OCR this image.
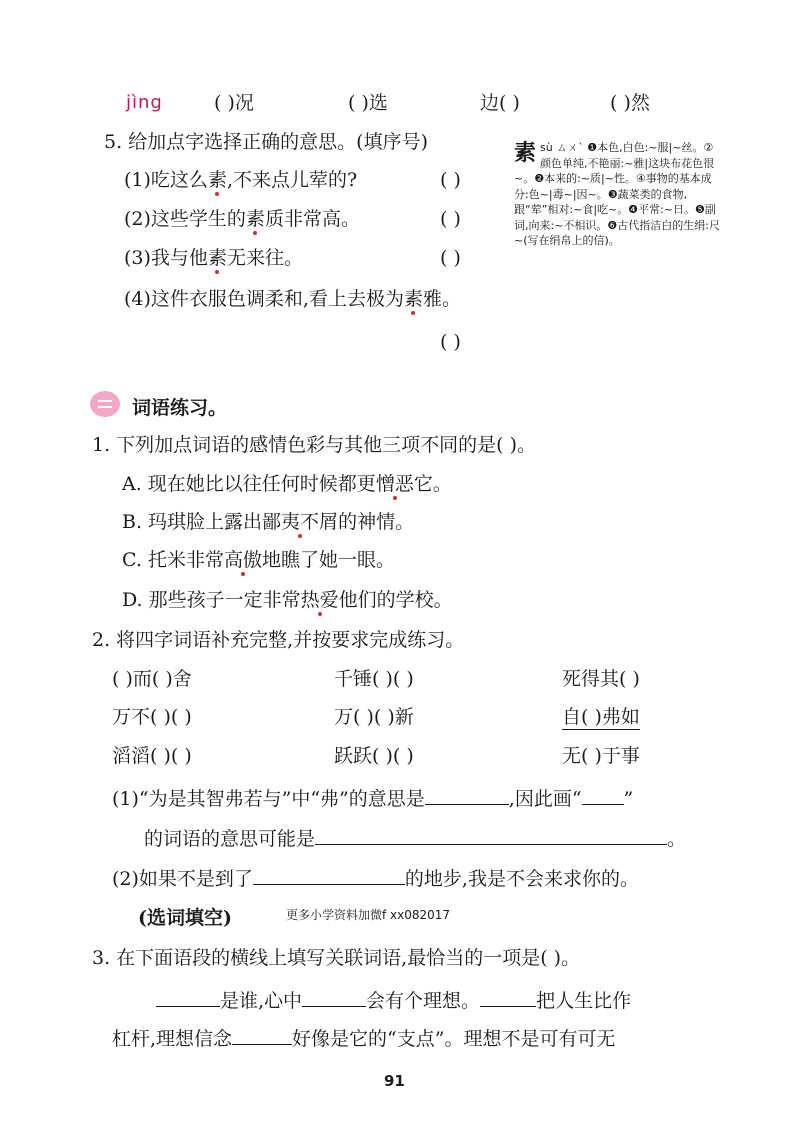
jìng	( )况	( )选	边( )	( )然
5. 给加点字选择正确的意思。(填序号)
(1)吃这么素,不来点儿荤的?	( )
(2)这些学生的素质非常高。	( )
(3)我与他素无来往。	( )
(4)这件衣服色调柔和,看上去极为素雅。
( )
素 sù ㄙㄨˋ ❶本色,白色:~服|~丝。②颜色单纯,不艳丽:~雅|这块布花色很~。❷本来的:~质|~性。④事物的基本成分:色~|毒~|因~。❸蔬菜类的食物,跟“荤”相对:~食|吃~。❹平常:~日。❺副词,向来:~不相识。❻古代指洁白的生绢:尺~(写在绢帛上的信)。
词语练习。
1. 下列加点词语的感情色彩与其他三项不同的是( )。
A. 现在她比以往任何时候都更憎恶它。
B. 玛琪脸上露出鄙夷不屑的神情。
C. 托米非常高傲地瞧了她一眼。
D. 那些孩子一定非常热爱他们的学校。
2. 将四字词语补充完整,并按要求完成练习。
( )而( )舍	千锤( )( )	死得其( )
万不( )( )	万( )( )新	自( )弗如
滔滔( )( )	跃跃( )( )	无( )于事
(1)“为是其智弗若与”中“弗”的意思是	,因此画“ ”
的词语的意思可能是	。
(2)如果不是到了	的地步,我是不会来求你的。
(选词填空)	更多小学资料加微f xx082017
3. 在下面语段的横线上填写关联词语,最恰当的一项是( )。
是谁,心中	会有个理想。	把人生比作
杠杆,理想信念	好像是它的“支点”。理想不是可有可无
91
